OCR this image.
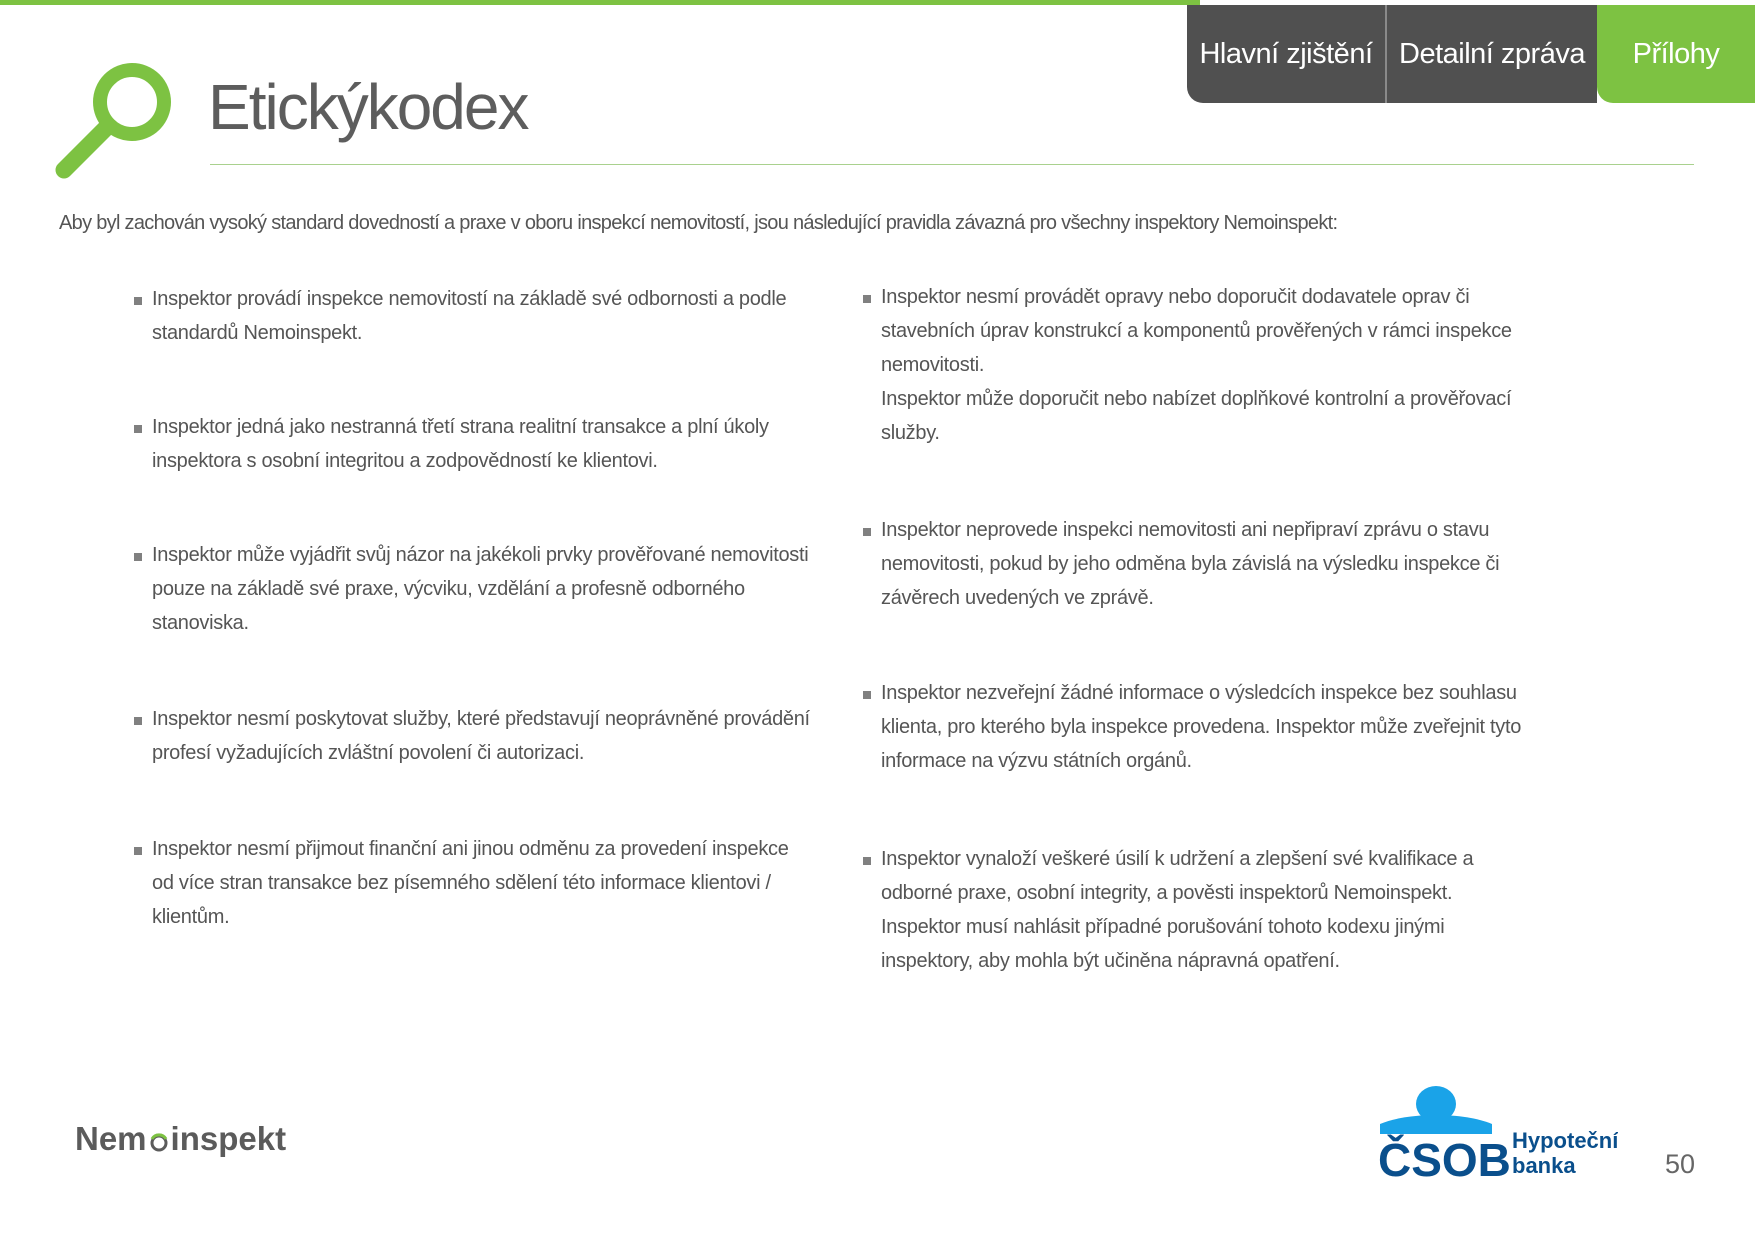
Hlavní zjištění Detailní zpráva	Přílohy
Etickýkodex

Aby byl zachován vysoký standard dovedností a praxe v oboru inspekcí nemovitostí, jsou následující pravidla závazná pro všechny inspektory Nemoinspekt:

Inspektor provádí inspekce nemovitostí na základě své odbornosti a podle standardů Nemoinspekt.

Inspektor jedná jako nestranná třetí strana realitní transakce a plní úkoly inspektora s osobní integritou a zodpovědností ke klientovi.

Inspektor může vyjádřit svůj názor na jakékoli prvky prověřované nemovitosti pouze na základě své praxe, výcviku, vzdělání a profesně odborného stanoviska.

Inspektor nesmí poskytovat služby, které představují neoprávněné provádění profesí vyžadujících zvláštní povolení či autorizaci.

Inspektor nesmí přijmout finanční ani jinou odměnu za provedení inspekce od více stran transakce bez písemného sdělení této informace klientovi / klientům.

Inspektor nesmí provádět opravy nebo doporučit dodavatele oprav či stavebních úprav konstrukcí a komponentů prověřených v rámci inspekce nemovitosti.

Inspektor může doporučit nebo nabízet doplňkové kontrolní a prověřovací služby.

Inspektor neprovede inspekci nemovitosti ani nepřipraví zprávu o stavu nemovitosti, pokud by jeho odměna byla závislá na výsledku inspekce či závěrech uvedených ve zprávě.

Inspektor nezveřejní žádné informace o výsledcích inspekce bez souhlasu klienta, pro kterého byla inspekce provedena. Inspektor může zveřejnit tyto informace na výzvu státních orgánů.

Inspektor vynaloží veškeré úsilí k udržení a zlepšení své kvalifikace a odborné praxe, osobní integrity, a pověsti inspektorů Nemoinspekt.

Inspektor musí nahlásit případné porušování tohoto kodexu jinými inspektory, aby mohla být učiněna nápravná opatření.

Nem inspekt	ČSOB Hypoteční
banka	50
